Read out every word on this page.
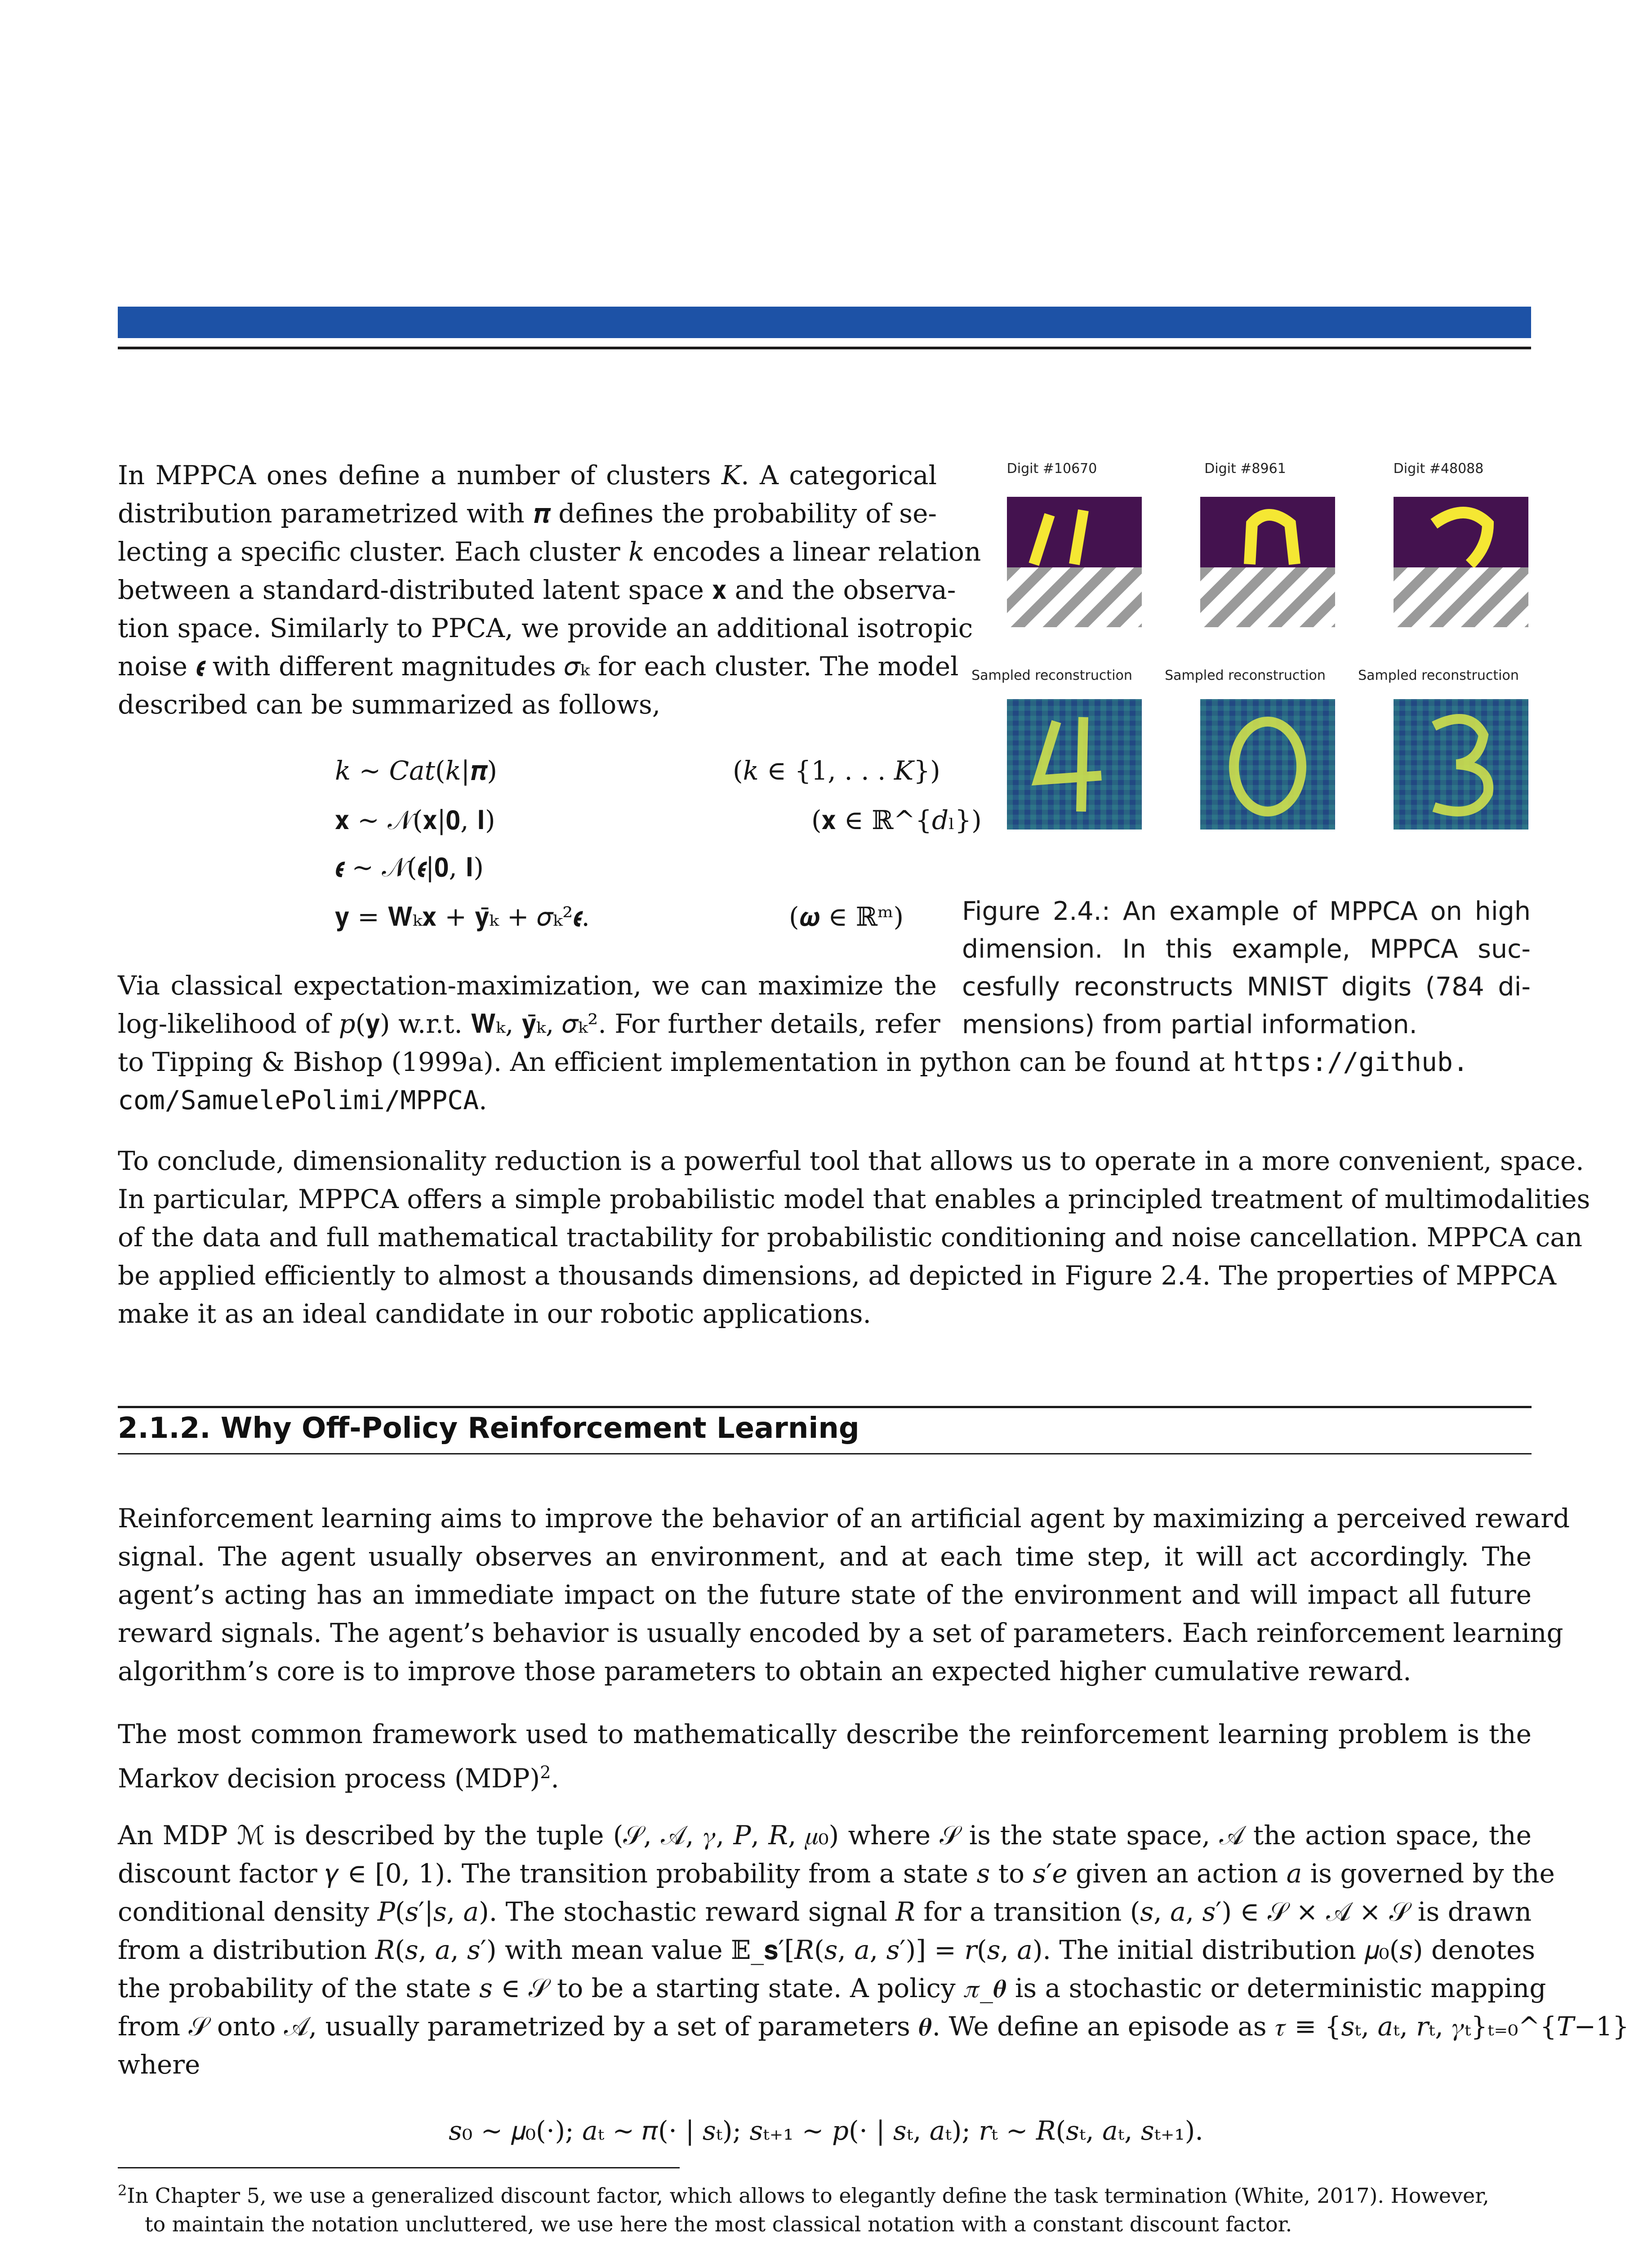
In MPPCA ones define a number of clusters 𝐾. A categorical
distribution parametrized with 𝝅 defines the probability of se-
lecting a specific cluster. Each cluster 𝑘 encodes a linear relation
between a standard-distributed latent space 𝐱 and the observa-
tion space. Similarly to PPCA, we provide an additional isotropic
noise 𝝐 with different magnitudes 𝜎ₖ for each cluster. The model
described can be summarized as follows,
𝑘 ∼ 𝐶𝑎𝑡(𝑘|𝝅)	(𝑘 ∈ {1, . . . 𝐾})
𝐱 ∼ 𝒩(𝐱|𝟎, 𝐈)	(𝐱 ∈ ℝ^{𝑑ₗ})
𝝐 ∼ 𝒩(𝝐|𝟎, 𝐈)
𝐲 = 𝐖ₖ𝐱 + 𝐲̄ₖ + 𝜎ₖ²𝝐.	(𝝎 ∈ ℝᵐ)
Via classical expectation-maximization, we can maximize the
log-likelihood of 𝑝(𝐲) w.r.t. 𝐖ₖ, 𝐲̄ₖ, 𝜎ₖ². For further details, refer
to Tipping & Bishop (1999a). An efficient implementation in python can be found at https://github.
com/SamuelePolimi/MPPCA.
Digit #10670	Digit #8961	Digit #48088
Sampled reconstruction	Sampled reconstruction	Sampled reconstruction
Figure 2.4.: An example of MPPCA on high
dimension. In this example, MPPCA suc-
cesfully reconstructs MNIST digits (784 di-
mensions) from partial information.
To conclude, dimensionality reduction is a powerful tool that allows us to operate in a more convenient, space.
In particular, MPPCA offers a simple probabilistic model that enables a principled treatment of multimodalities
of the data and full mathematical tractability for probabilistic conditioning and noise cancellation. MPPCA can
be applied efficiently to almost a thousands dimensions, ad depicted in Figure 2.4. The properties of MPPCA
make it as an ideal candidate in our robotic applications.
2.1.2. Why Off-Policy Reinforcement Learning
Reinforcement learning aims to improve the behavior of an artificial agent by maximizing a perceived reward
signal. The agent usually observes an environment, and at each time step, it will act accordingly. The
agent’s acting has an immediate impact on the future state of the environment and will impact all future
reward signals. The agent’s behavior is usually encoded by a set of parameters. Each reinforcement learning
algorithm’s core is to improve those parameters to obtain an expected higher cumulative reward.
The most common framework used to mathematically describe the reinforcement learning problem is the
Markov decision process (MDP)$^2$.
An MDP ℳ is described by the tuple (𝒮, 𝒜, 𝛾, 𝑃, 𝑅, 𝜇₀) where 𝒮 is the state space, 𝒜 the action space, the
discount factor 𝛾 ∈ [0, 1). The transition probability from a state 𝑠 to 𝑠′𝑒 given an action 𝑎 is governed by the
conditional density 𝑃(𝑠′|𝑠, 𝑎). The stochastic reward signal 𝑅 for a transition (𝑠, 𝑎, 𝑠′) ∈ 𝒮 × 𝒜 × 𝒮 is drawn
from a distribution 𝑅(𝑠, 𝑎, 𝑠′) with mean value 𝔼_𝐬′[𝑅(𝑠, 𝑎, 𝑠′)] = 𝑟(𝑠, 𝑎). The initial distribution 𝜇₀(𝑠) denotes
the probability of the state 𝑠 ∈ 𝒮 to be a starting state. A policy 𝜋_𝜽 is a stochastic or deterministic mapping
from 𝒮 onto 𝒜, usually parametrized by a set of parameters 𝜽. We define an episode as 𝜏 ≡ {𝑠ₜ, 𝑎ₜ, 𝑟ₜ, 𝛾ₜ}ₜ₌₀^{𝑇−1}
where
𝑠₀ ∼ 𝜇₀(⋅); 𝑎ₜ ∼ 𝜋(⋅ | 𝑠ₜ); 𝑠ₜ₊₁ ∼ 𝑝(⋅ | 𝑠ₜ, 𝑎ₜ); 𝑟ₜ ∼ 𝑅(𝑠ₜ, 𝑎ₜ, 𝑠ₜ₊₁).
$^2$In Chapter 5, we use a generalized discount factor, which allows to elegantly define the task termination (White, 2017). However,
to maintain the notation uncluttered, we use here the most classical notation with a constant discount factor.
